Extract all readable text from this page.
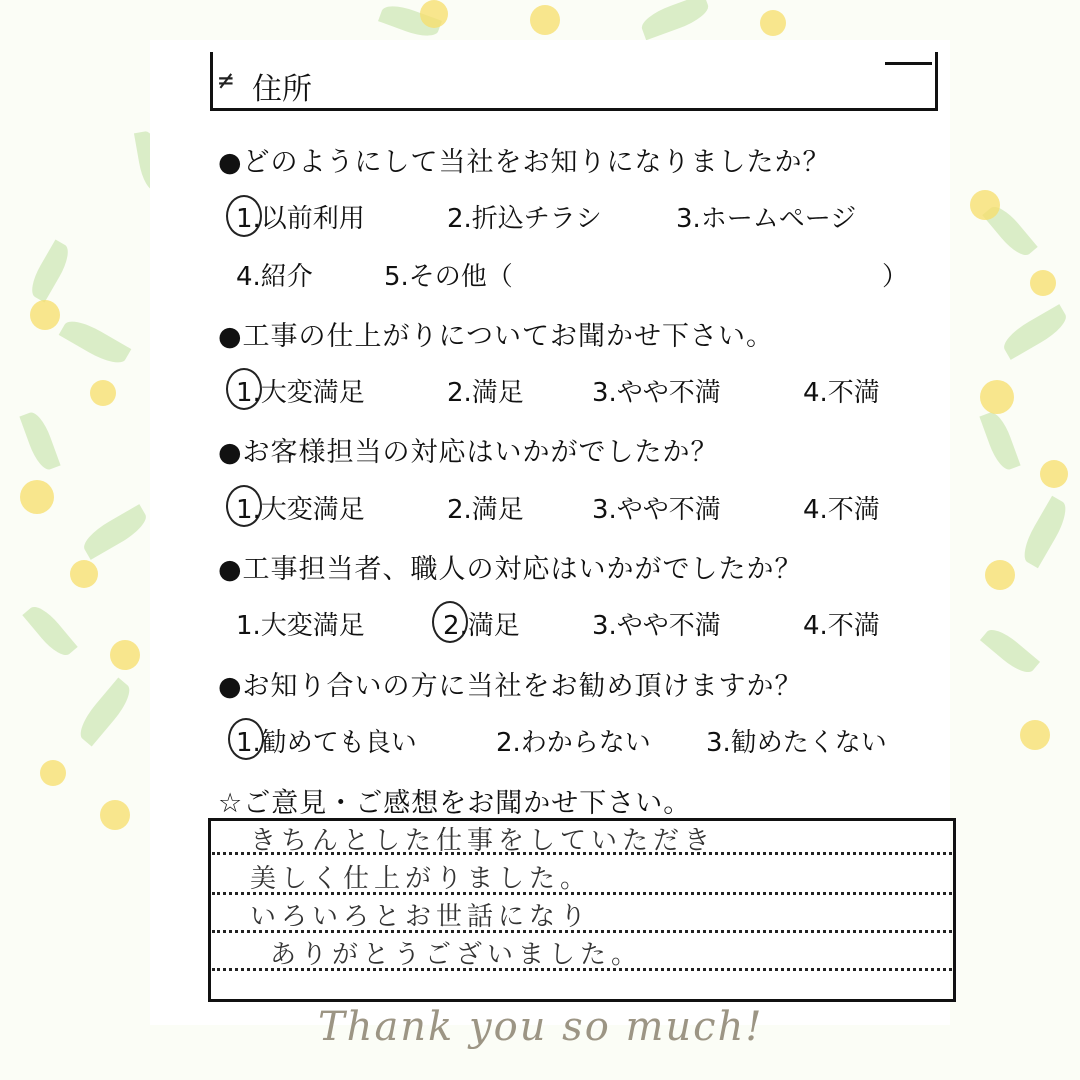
≠ 住所
●どのようにして当社をお知りになりましたか？
1.以前利用	2.折込チラシ	3.ホームページ
4.紹介	5.その他（	）
●工事の仕上がりについてお聞かせ下さい。
1.大変満足	2.満足	3.やや不満	4.不満
●お客様担当の対応はいかがでしたか？
1.大変満足	2.満足	3.やや不満	4.不満
●工事担当者、職人の対応はいかがでしたか？
1.大変満足	2.満足	3.やや不満	4.不満
●お知り合いの方に当社をお勧め頂けますか？
1.勧めても良い	2.わからない 3.勧めたくない
☆ご意見・ご感想をお聞かせ下さい。
きちんとした仕事をしていただき
美しく仕上がりました。
いろいろとお世話になり
ありがとうございました。
Thank you so much!
